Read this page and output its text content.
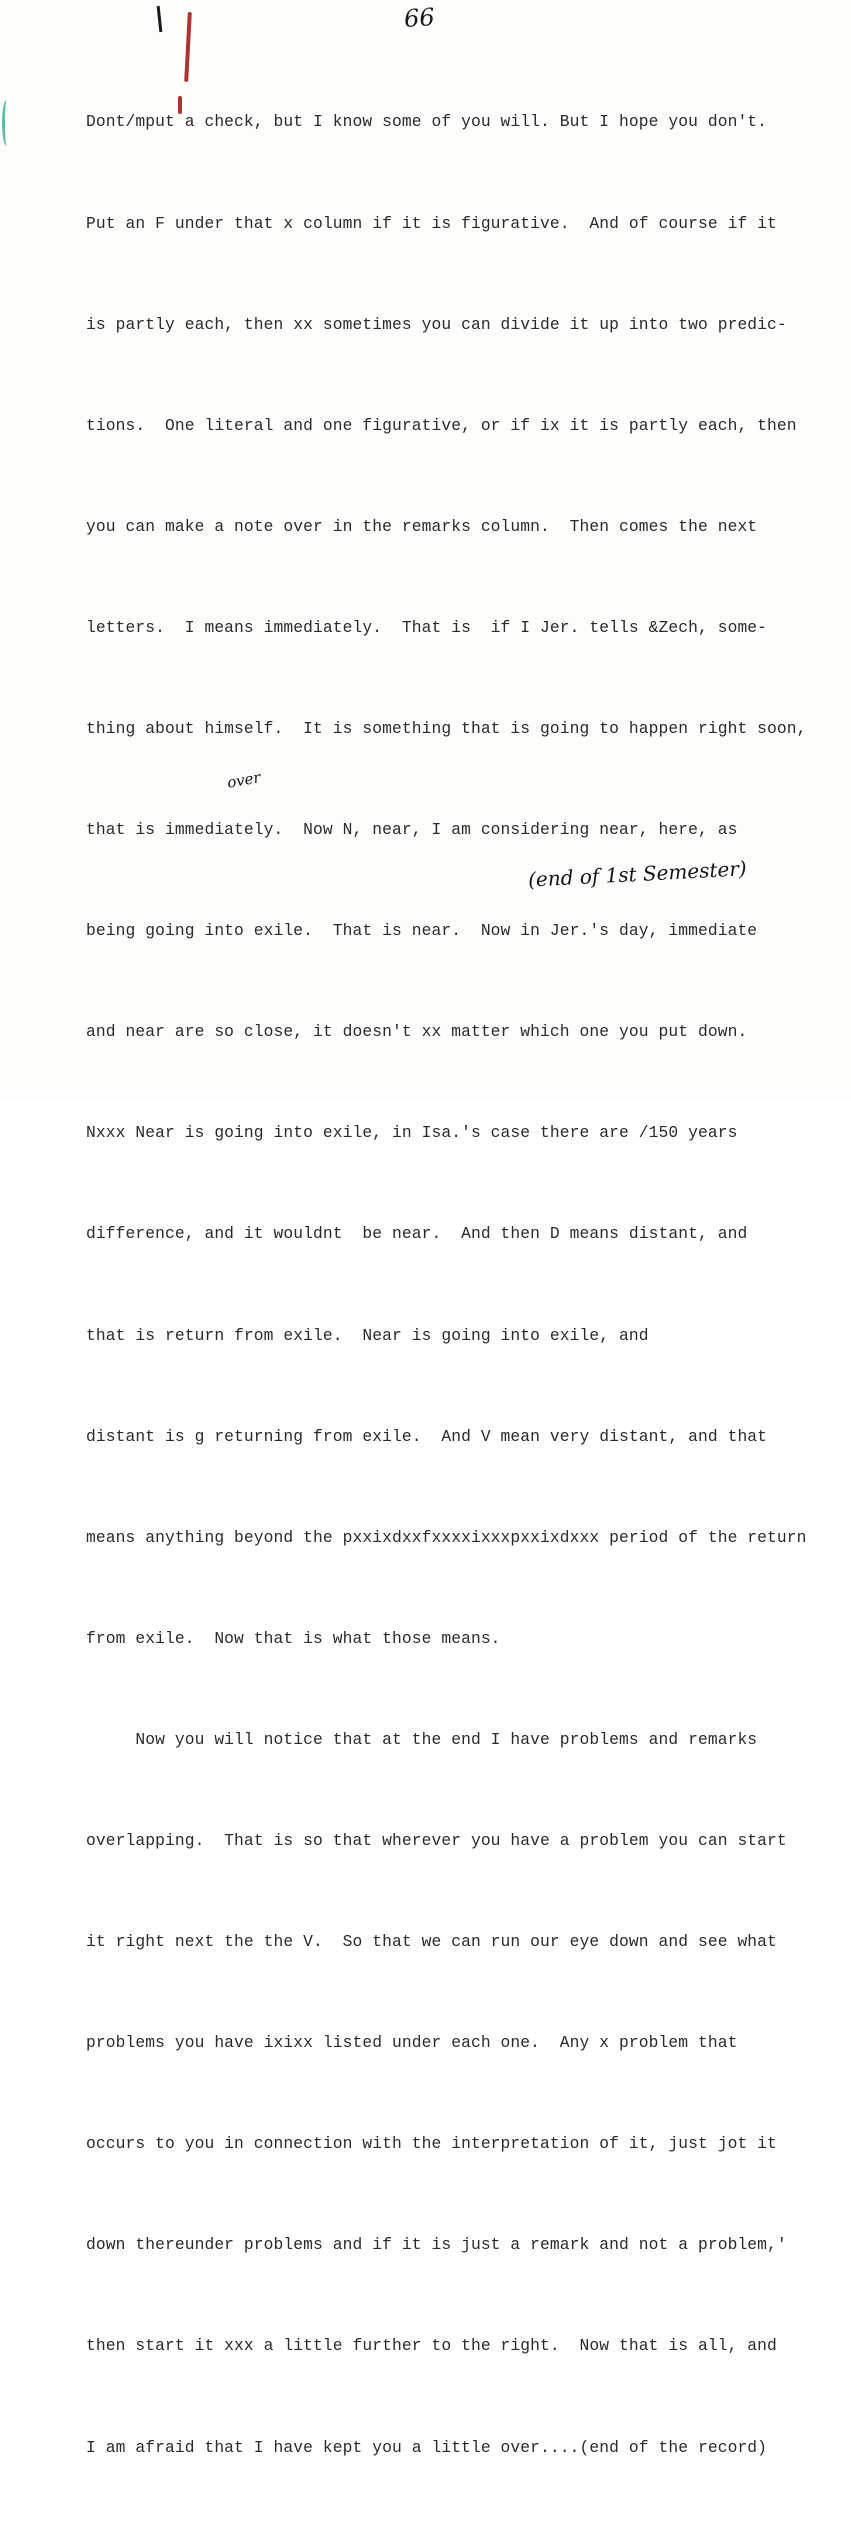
66

Dont/mput a check, but I know some of you will. But I hope you don't.

Put an F under that x column if it is figurative.  And of course if it

is partly each, then xx sometimes you can divide it up into two predic-

tions.  One literal and one figurative, or if ix it is partly each, then

you can make a note over in the remarks column.  Then comes the next

letters.  I means immediately.  That is  if I Jer. tells &Zech, some-

thing about himself.  It is something that is going to happen right soon,

that is immediately.  Now N, near, I am considering near, here, as

being going into exile.  That is near.  Now in Jer.'s day, immediate

and near are so close, it doesn't xx matter which one you put down.

Nxxx Near is going into exile, in Isa.'s case there are /150 years

difference, and it wouldnt  be near.  And then D means distant, and

that is return from exile.  Near is going into exile, and

distant is g returning from exile.  And V mean very distant, and that

means anything beyond the pxxixdxxfxxxxixxxpxxixdxxx period of the return

from exile.  Now that is what those means.

Now you will notice that at the end I have problems and remarks

overlapping.  That is so that wherever you have a problem you can start

it right next the the V.  So that we can run our eye down and see what

problems you have ixixx listed under each one.  Any x problem that

occurs to you in connection with the interpretation of it, just jot it

down thereunder problems and if it is just a remark and not a problem,'

then start it xxx a little further to the right.  Now that is all, and

I am afraid that I have kept you a little over....(end of the record)

over
(end of 1st Semester)
